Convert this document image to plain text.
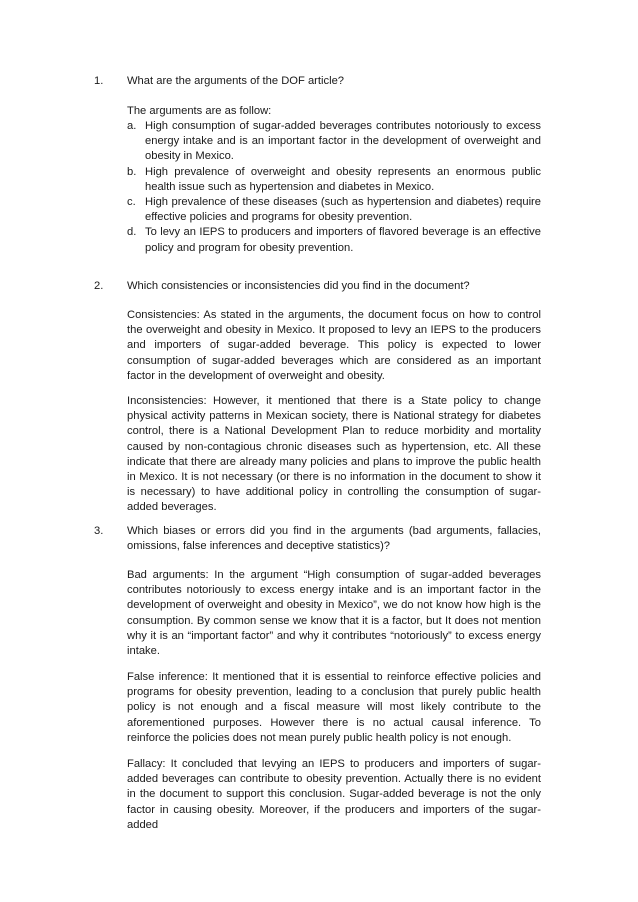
1. What are the arguments of the DOF article?
The arguments are as follow:
a. High consumption of sugar-added beverages contributes notoriously to excess energy intake and is an important factor in the development of overweight and obesity in Mexico.
b. High prevalence of overweight and obesity represents an enormous public health issue such as hypertension and diabetes in Mexico.
c. High prevalence of these diseases (such as hypertension and diabetes) require effective policies and programs for obesity prevention.
d. To levy an IEPS to producers and importers of flavored beverage is an effective policy and program for obesity prevention.
2. Which consistencies or inconsistencies did you find in the document?
Consistencies: As stated in the arguments, the document focus on how to control the overweight and obesity in Mexico. It proposed to levy an IEPS to the producers and importers of sugar-added beverage. This policy is expected to lower consumption of sugar-added beverages which are considered as an important factor in the development of overweight and obesity.
Inconsistencies: However, it mentioned that there is a State policy to change physical activity patterns in Mexican society, there is National strategy for diabetes control, there is a National Development Plan to reduce morbidity and mortality caused by non-contagious chronic diseases such as hypertension, etc. All these indicate that there are already many policies and plans to improve the public health in Mexico. It is not necessary (or there is no information in the document to show it is necessary) to have additional policy in controlling the consumption of sugar-added beverages.
3. Which biases or errors did you find in the arguments (bad arguments, fallacies, omissions, false inferences and deceptive statistics)?
Bad arguments: In the argument “High consumption of sugar-added beverages contributes notoriously to excess energy intake and is an important factor in the development of overweight and obesity in Mexico”, we do not know how high is the consumption. By common sense we know that it is a factor, but It does not mention why it is an “important factor” and why it contributes “notoriously” to excess energy intake.
False inference: It mentioned that it is essential to reinforce effective policies and programs for obesity prevention, leading to a conclusion that purely public health policy is not enough and a fiscal measure will most likely contribute to the aforementioned purposes. However there is no actual causal inference. To reinforce the policies does not mean purely public health policy is not enough.
Fallacy: It concluded that levying an IEPS to producers and importers of sugar-added beverages can contribute to obesity prevention. Actually there is no evident in the document to support this conclusion. Sugar-added beverage is not the only factor in causing obesity. Moreover, if the producers and importers of the sugar-added
